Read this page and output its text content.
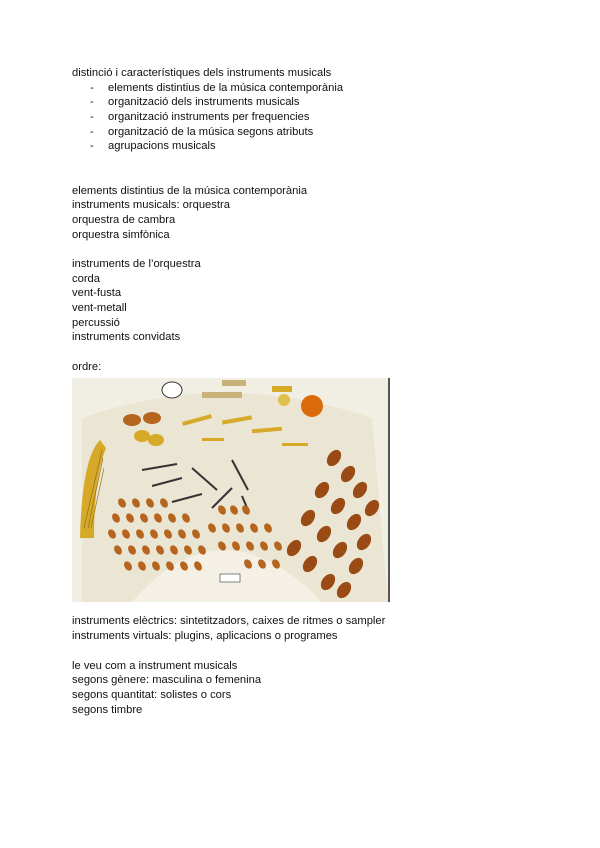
distinció i característiques dels instruments musicals
- elements distintius de la música contemporània
- organització dels instruments musicals
- organització instruments per frequencies
- organització de la música segons atributs
- agrupacions musicals
elements distintius de la música contemporània
instruments musicals: orquestra
orquestra de cambra
orquestra simfònica
instruments de l’orquestra
corda
vent-fusta
vent-metall
percussió
instruments convidats
ordre:
instruments elèctrics: sintetitzadors, caixes de ritmes o sampler
instruments virtuals: plugins, aplicacions o programes
le veu com a instrument musicals
segons gènere: masculina o femenina
segons quantitat: solistes o cors
segons timbre
